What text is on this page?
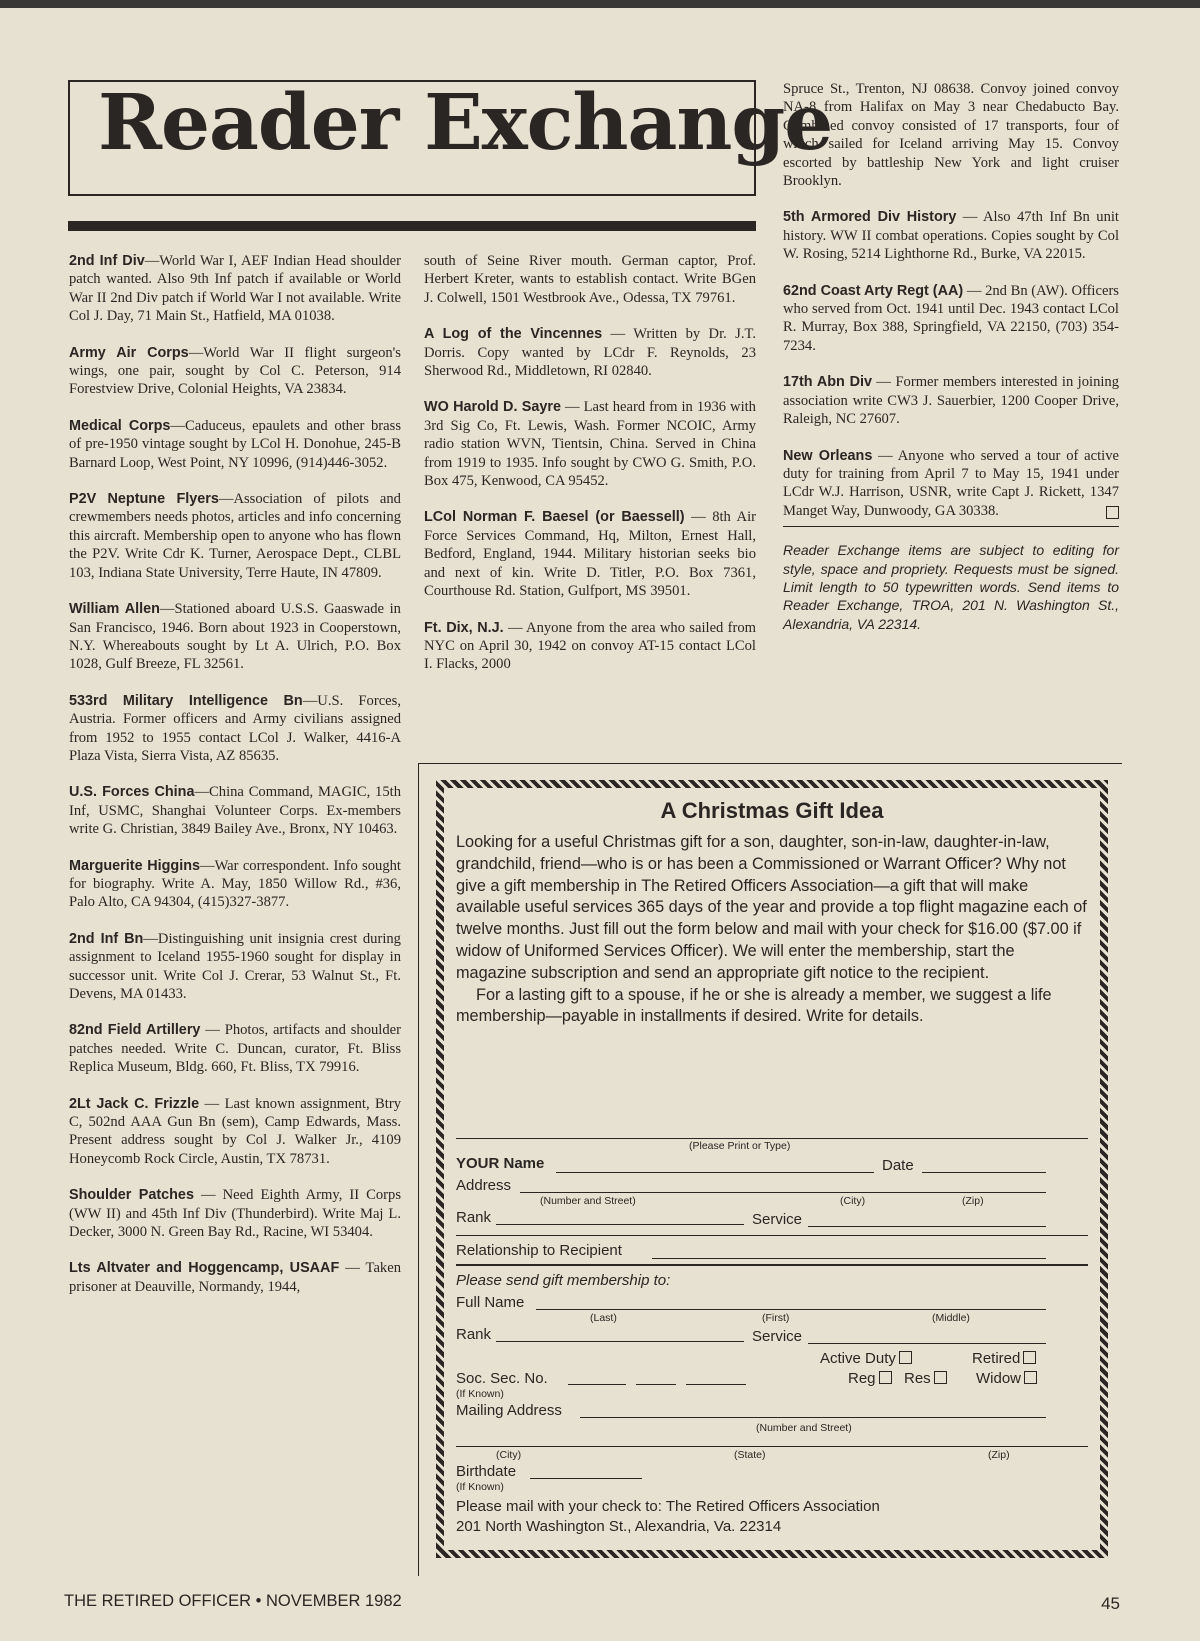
Reader Exchange
2nd Inf Div—World War I, AEF Indian Head shoulder patch wanted. Also 9th Inf patch if available or World War II 2nd Div patch if World War I not available. Write Col J. Day, 71 Main St., Hatfield, MA 01038.
Army Air Corps—World War II flight surgeon's wings, one pair, sought by Col C. Peterson, 914 Forestview Drive, Colonial Heights, VA 23834.
Medical Corps—Caduceus, epaulets and other brass of pre-1950 vintage sought by LCol H. Donohue, 245-B Barnard Loop, West Point, NY 10996, (914)446-3052.
P2V Neptune Flyers—Association of pilots and crewmembers needs photos, articles and info concerning this aircraft. Membership open to anyone who has flown the P2V. Write Cdr K. Turner, Aerospace Dept., CLBL 103, Indiana State University, Terre Haute, IN 47809.
William Allen—Stationed aboard U.S.S. Gaaswade in San Francisco, 1946. Born about 1923 in Cooperstown, N.Y. Whereabouts sought by Lt A. Ulrich, P.O. Box 1028, Gulf Breeze, FL 32561.
533rd Military Intelligence Bn—U.S. Forces, Austria. Former officers and Army civilians assigned from 1952 to 1955 contact LCol J. Walker, 4416-A Plaza Vista, Sierra Vista, AZ 85635.
U.S. Forces China—China Command, MAGIC, 15th Inf, USMC, Shanghai Volunteer Corps. Ex-members write G. Christian, 3849 Bailey Ave., Bronx, NY 10463.
Marguerite Higgins—War correspondent. Info sought for biography. Write A. May, 1850 Willow Rd., #36, Palo Alto, CA 94304, (415)327-3877.
2nd Inf Bn—Distinguishing unit insignia crest during assignment to Iceland 1955-1960 sought for display in successor unit. Write Col J. Crerar, 53 Walnut St., Ft. Devens, MA 01433.
82nd Field Artillery — Photos, artifacts and shoulder patches needed. Write C. Duncan, curator, Ft. Bliss Replica Museum, Bldg. 660, Ft. Bliss, TX 79916.
2Lt Jack C. Frizzle — Last known assignment, Btry C, 502nd AAA Gun Bn (sem), Camp Edwards, Mass. Present address sought by Col J. Walker Jr., 4109 Honeycomb Rock Circle, Austin, TX 78731.
Shoulder Patches — Need Eighth Army, II Corps (WW II) and 45th Inf Div (Thunderbird). Write Maj L. Decker, 3000 N. Green Bay Rd., Racine, WI 53404.
Lts Altvater and Hoggencamp, USAAF — Taken prisoner at Deauville, Normandy, 1944,
south of Seine River mouth. German captor, Prof. Herbert Kreter, wants to establish contact. Write BGen J. Colwell, 1501 Westbrook Ave., Odessa, TX 79761.
A Log of the Vincennes — Written by Dr. J.T. Dorris. Copy wanted by LCdr F. Reynolds, 23 Sherwood Rd., Middletown, RI 02840.
WO Harold D. Sayre — Last heard from in 1936 with 3rd Sig Co, Ft. Lewis, Wash. Former NCOIC, Army radio station WVN, Tientsin, China. Served in China from 1919 to 1935. Info sought by CWO G. Smith, P.O. Box 475, Kenwood, CA 95452.
LCol Norman F. Baesel (or Baessell) — 8th Air Force Services Command, Hq, Milton, Ernest Hall, Bedford, England, 1944. Military historian seeks bio and next of kin. Write D. Titler, P.O. Box 7361, Courthouse Rd. Station, Gulfport, MS 39501.
Ft. Dix, N.J. — Anyone from the area who sailed from NYC on April 30, 1942 on convoy AT-15 contact LCol I. Flacks, 2000
Spruce St., Trenton, NJ 08638. Convoy joined convoy NA-8 from Halifax on May 3 near Chedabucto Bay. Combined convoy consisted of 17 transports, four of which sailed for Iceland arriving May 15. Convoy escorted by battleship New York and light cruiser Brooklyn.
5th Armored Div History — Also 47th Inf Bn unit history. WW II combat operations. Copies sought by Col W. Rosing, 5214 Lighthorne Rd., Burke, VA 22015.
62nd Coast Arty Regt (AA) — 2nd Bn (AW). Officers who served from Oct. 1941 until Dec. 1943 contact LCol R. Murray, Box 388, Springfield, VA 22150, (703) 354-7234.
17th Abn Div — Former members interested in joining association write CW3 J. Sauerbier, 1200 Cooper Drive, Raleigh, NC 27607.
New Orleans — Anyone who served a tour of active duty for training from April 7 to May 15, 1941 under LCdr W.J. Harrison, USNR, write Capt J. Rickett, 1347 Manget Way, Dunwoody, GA 30338.
Reader Exchange items are subject to editing for style, space and propriety. Requests must be signed. Limit length to 50 typewritten words. Send items to Reader Exchange, TROA, 201 N. Washington St., Alexandria, VA 22314.
A Christmas Gift Idea

Looking for a useful Christmas gift for a son, daughter, son-in-law, daughter-in-law, grandchild, friend—who is or has been a Commissioned or Warrant Officer? Why not give a gift membership in The Retired Officers Association—a gift that will make available useful services 365 days of the year and provide a top flight magazine each of twelve months. Just fill out the form below and mail with your check for $16.00 ($7.00 if widow of Uniformed Services Officer). We will enter the membership, start the magazine subscription and send an appropriate gift notice to the recipient.

For a lasting gift to a spouse, if he or she is already a member, we suggest a life membership—payable in installments if desired. Write for details.

(Please Print or Type)
YOUR Name	Date
Address
(Number and Street)	(City)	(Zip)
Rank	Service
Relationship to Recipient
Please send gift membership to:
Full Name
(Last)	(First)	(Middle)
Rank	Service
Active Duty	Retired
Soc. Sec. No.	Reg	Res	Widow
(If Known)
Mailing Address
(Number and Street)
(City)	(State)	(Zip)
Birthdate
(If Known)
Please mail with your check to: The Retired Officers Association
201 North Washington St., Alexandria, Va. 22314
THE RETIRED OFFICER • NOVEMBER 1982	45
